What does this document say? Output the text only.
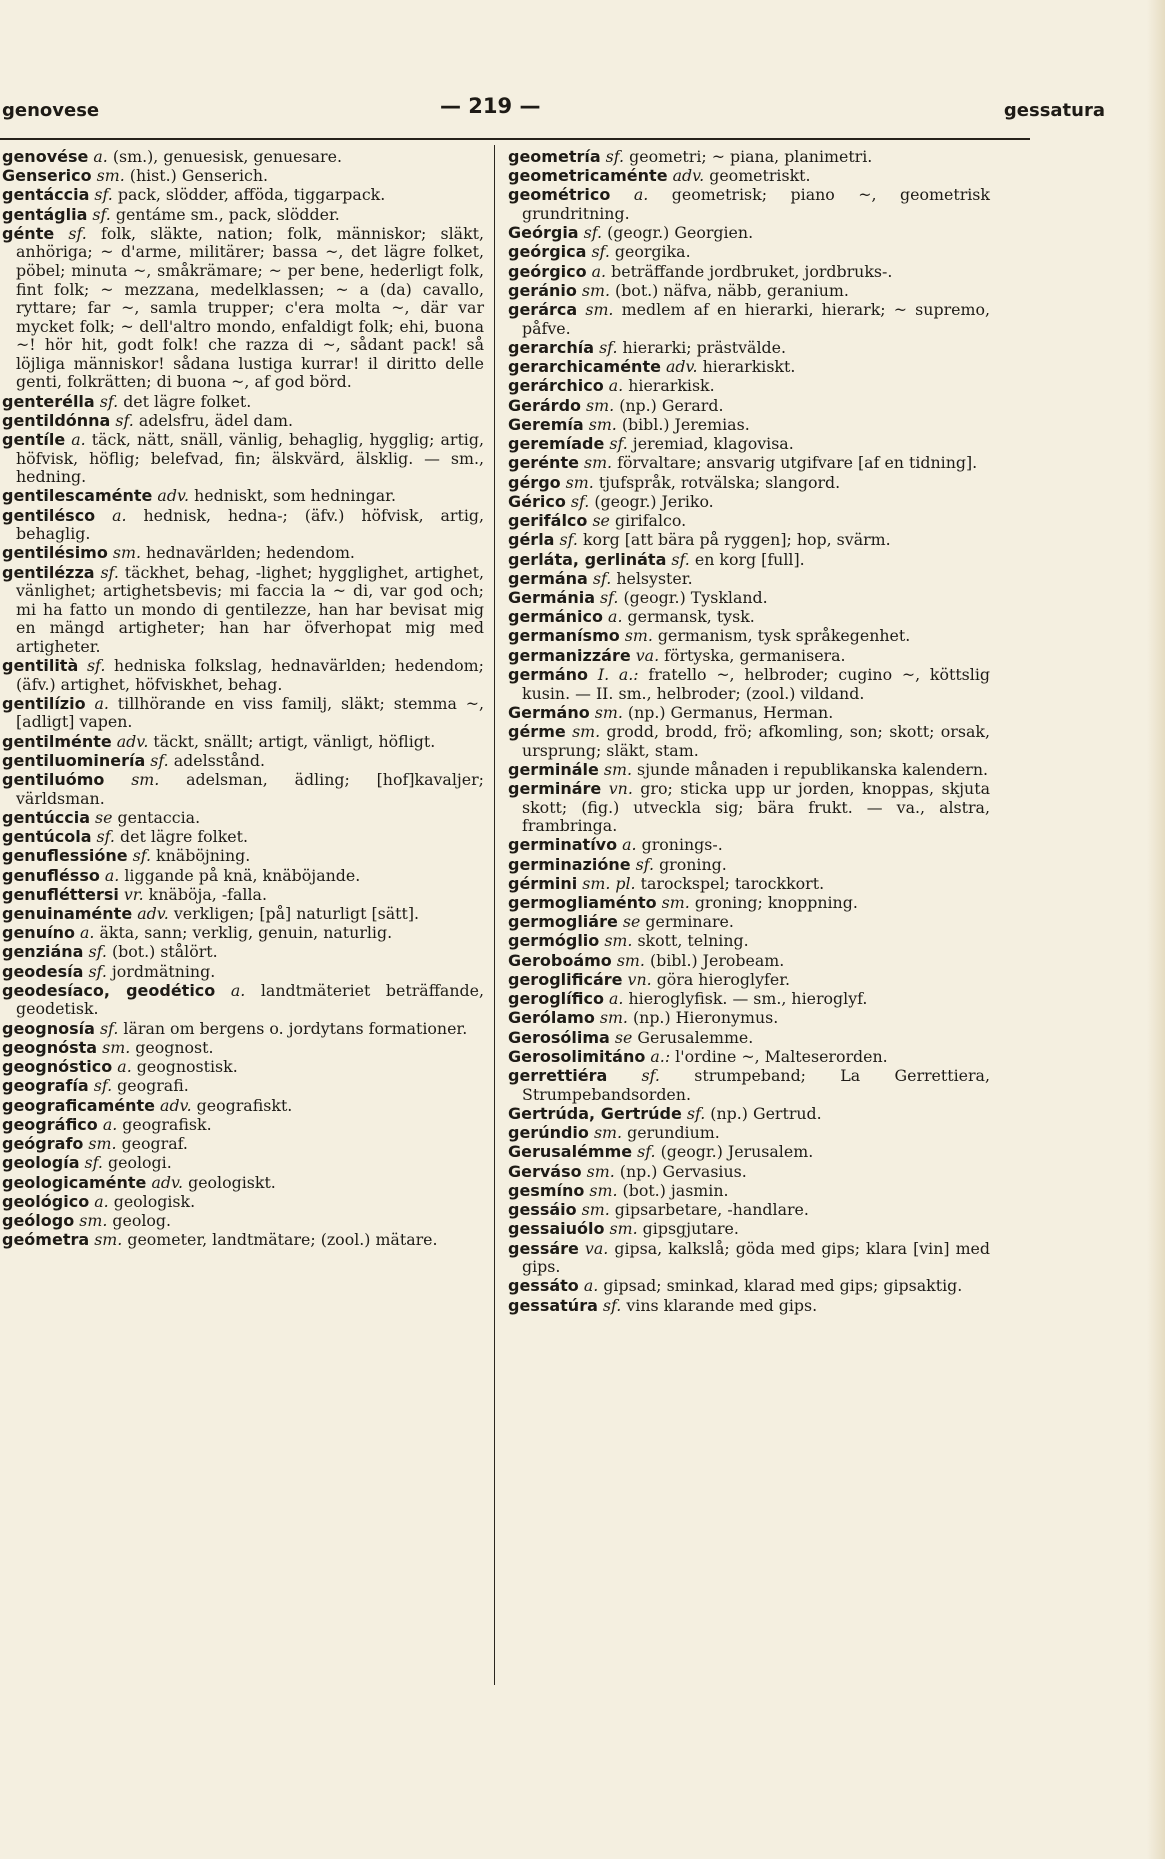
genovese	— 219 —	gessatura

genovése a. (sm.), genuesisk, genuesare.

Genserico sm. (hist.) Genserich.

gentáccia sf. pack, slödder, afföda, tiggarpack.

gentáglia sf. gentáme sm., pack, slödder.

génte sf. folk, släkte, nation; folk, människor; släkt, anhöriga; ~ d'arme, militärer; bassa ~, det lägre folket, pöbel; minuta ~, småkrämare; ~ per bene, hederligt folk, fint folk; ~ mezzana, medelklassen; ~ a (da) cavallo, ryttare; far ~, samla trupper; c'era molta ~, där var mycket folk; ~ dell'altro mondo, enfaldigt folk; ehi, buona ~! hör hit, godt folk! che razza di ~, sådant pack! så löjliga människor! sådana lustiga kurrar! il diritto delle genti, folkrätten; di buona ~, af god börd.

genterélla sf. det lägre folket.

gentildónna sf. adelsfru, ädel dam.

gentíle a. täck, nätt, snäll, vänlig, behaglig, hygglig; artig, höfvisk, höflig; belefvad, fin; älskvärd, älsklig. — sm., hedning.

gentilescaménte adv. hedniskt, som hedningar.

gentiléscо a. hednisk, hedna-; (äfv.) höfvisk, artig, behaglig.

gentilésimo sm. hednavärlden; hedendom.

gentilézza sf. täckhet, behag, -lighet; hygglighet, artighet, vänlighet; artighetsbevis; mi faccia la ~ di, var god och; mi ha fatto un mondo di gentilezze, han har bevisat mig en mängd artigheter; han har öfverhopat mig med artigheter.

gentilità sf. hedniska folkslag, hednavärlden; hedendom; (äfv.) artighet, höfviskhet, behag.

gentilízio a. tillhörande en viss familj, släkt; stemma ~, [adligt] vapen.

gentilménte adv. täckt, snällt; artigt, vänligt, höfligt.

gentiluominería sf. adelsstånd.

gentiluómo sm. adelsman, ädling; [hof]kavaljer; världsman.

gentúccia se gentaccia.

gentúcola sf. det lägre folket.

genuflessióne sf. knäböjning.

genuflésso a. liggande på knä, knäböjande.

genufléttersi vr. knäböja, -falla.

genuinaménte adv. verkligen; [på] naturligt [sätt].

genuíno a. äkta, sann; verklig, genuin, naturlig.

genziána sf. (bot.) stålört.

geodesía sf. jordmätning.

geodesíaco, geodético a. landtmäteriet beträffande, geodetisk.

geognosía sf. läran om bergens o. jordytans formationer.

geognósta sm. geognost.

geognóstico a. geognostisk.

geografía sf. geografi.

geograficaménte adv. geografiskt.

geográfico a. geografisk.

geógrafo sm. geograf.

geología sf. geologi.

geologicaménte adv. geologiskt.

geológico a. geologisk.

geólogo sm. geolog.

geómetra sm. geometer, landtmätare; (zool.) mätare.

geometría sf. geometri; ~ piana, planimetri.

geometricaménte adv. geometriskt.

geométrico a. geometrisk; piano ~, geometrisk grundritning.

Geórgia sf. (geogr.) Georgien.

geórgica sf. georgika.

geórgico a. beträffande jordbruket, jordbruks-.

geránio sm. (bot.) näfva, näbb, geranium.

gerárca sm. medlem af en hierarki, hierark; ~ supremo, påfve.

gerarchía sf. hierarki; prästvälde.

gerarchicaménte adv. hierarkiskt.

gerárchico a. hierarkisk.

Gerárdo sm. (np.) Gerard.

Geremía sm. (bibl.) Jeremias.

geremíade sf. jeremiad, klagovisa.

gerénte sm. förvaltare; ansvarig utgifvare [af en tidning].

gérgo sm. tjufspråk, rotvälska; slangord.

Gérico sf. (geogr.) Jeriko.

gerifálco se girifalco.

gérla sf. korg [att bära på ryggen]; hop, svärm.

gerláta, gerlináta sf. en korg [full].

germána sf. helsyster.

Germánia sf. (geogr.) Tyskland.

germánico a. germansk, tysk.

germanísmo sm. germanism, tysk språkegenhet.

germanizzáre va. förtyska, germanisera.

germáno I. a.: fratello ~, helbroder; cugino ~, köttslig kusin. — II. sm., helbroder; (zool.) vildand.

Germáno sm. (np.) Germanus, Herman.

gérme sm. grodd, brodd, frö; afkomling, son; skott; orsak, ursprung; släkt, stam.

germinále sm. sjunde månaden i republikanska kalendern.

germináre vn. gro; sticka upp ur jorden, knoppas, skjuta skott; (fig.) utveckla sig; bära frukt. — va., alstra, frambringa.

germinatívo a. gronings-.

germinazióne sf. groning.

gérmini sm. pl. tarockspel; tarockkort.

germogliaménto sm. groning; knoppning.

germogliáre se germinare.

germóglio sm. skott, telning.

Geroboámo sm. (bibl.) Jerobeam.

geroglificáre vn. göra hieroglyfer.

geroglífico a. hieroglyfisk. — sm., hieroglyf.

Gerólamo sm. (np.) Hieronymus.

Gerosólima se Gerusalemme.

Gerosolimitáno a.: l'ordine ~, Malteserorden.

gerrettiéra sf. strumpeband; La Gerrettiera, Strumpebandsorden.

Gertrúda, Gertrúde sf. (np.) Gertrud.

gerúndio sm. gerundium.

Gerusalémme sf. (geogr.) Jerusalem.

Gerváso sm. (np.) Gervasius.

gesmíno sm. (bot.) jasmin.

gessáio sm. gipsarbetare, -handlare.

gessaiuólo sm. gipsgjutare.

gessáre va. gipsa, kalkslå; göda med gips; klara [vin] med gips.

gessáto a. gipsad; sminkad, klarad med gips; gipsaktig.

gessatúra sf. vins klarande med gips.
